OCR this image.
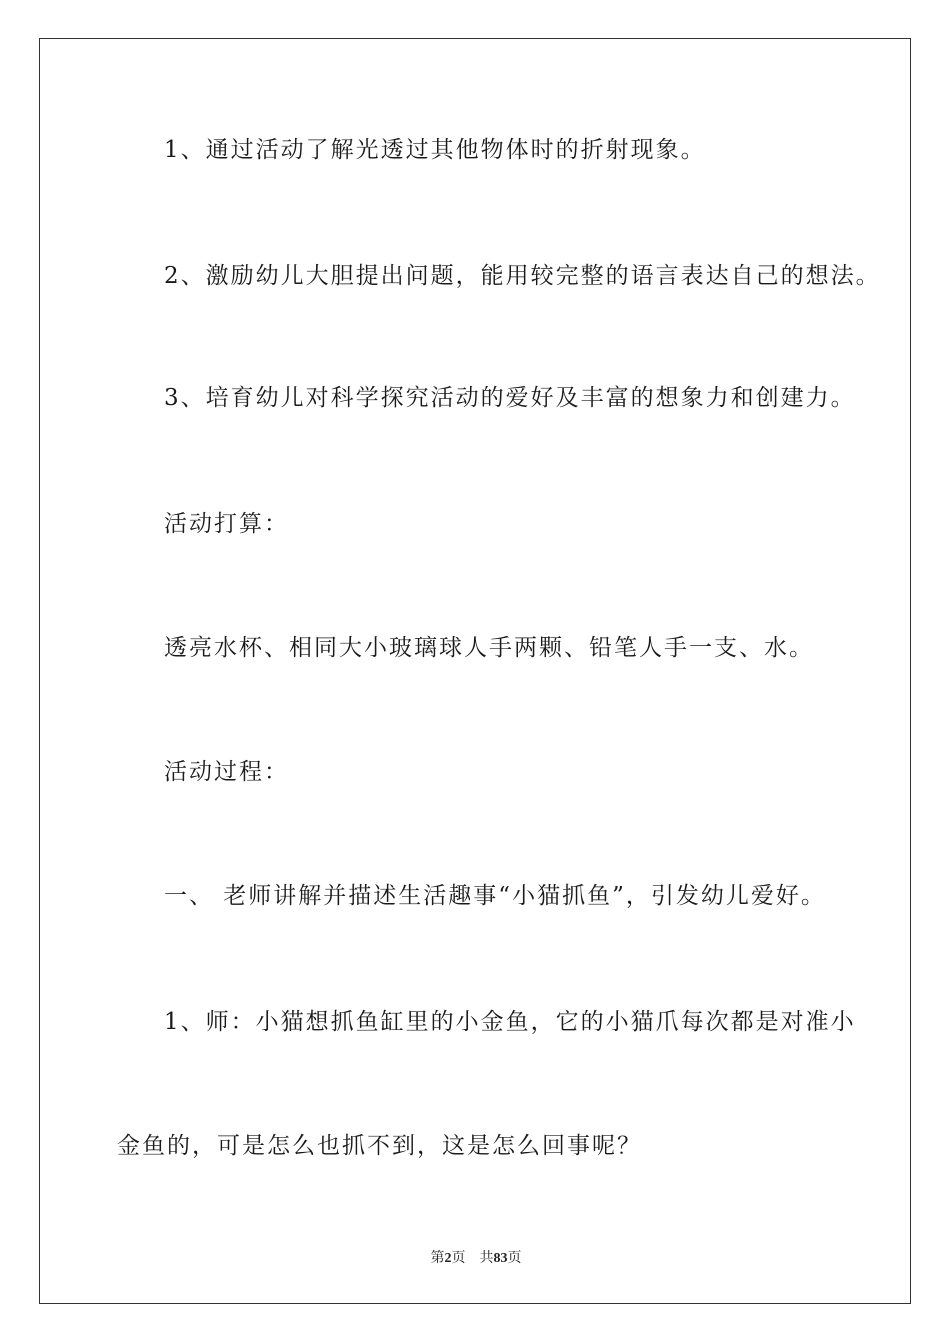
1、通过活动了解光透过其他物体时的折射现象。
2、激励幼儿大胆提出问题，能用较完整的语言表达自己的想法。
3、培育幼儿对科学探究活动的爱好及丰富的想象力和创建力。
活动打算：
透亮水杯、相同大小玻璃球人手两颗、铅笔人手一支、水。
活动过程：
一、 老师讲解并描述生活趣事“小猫抓鱼”，引发幼儿爱好。
1、师：小猫想抓鱼缸里的小金鱼，它的小猫爪每次都是对准小
金鱼的，可是怎么也抓不到，这是怎么回事呢？
第2页 共83页
